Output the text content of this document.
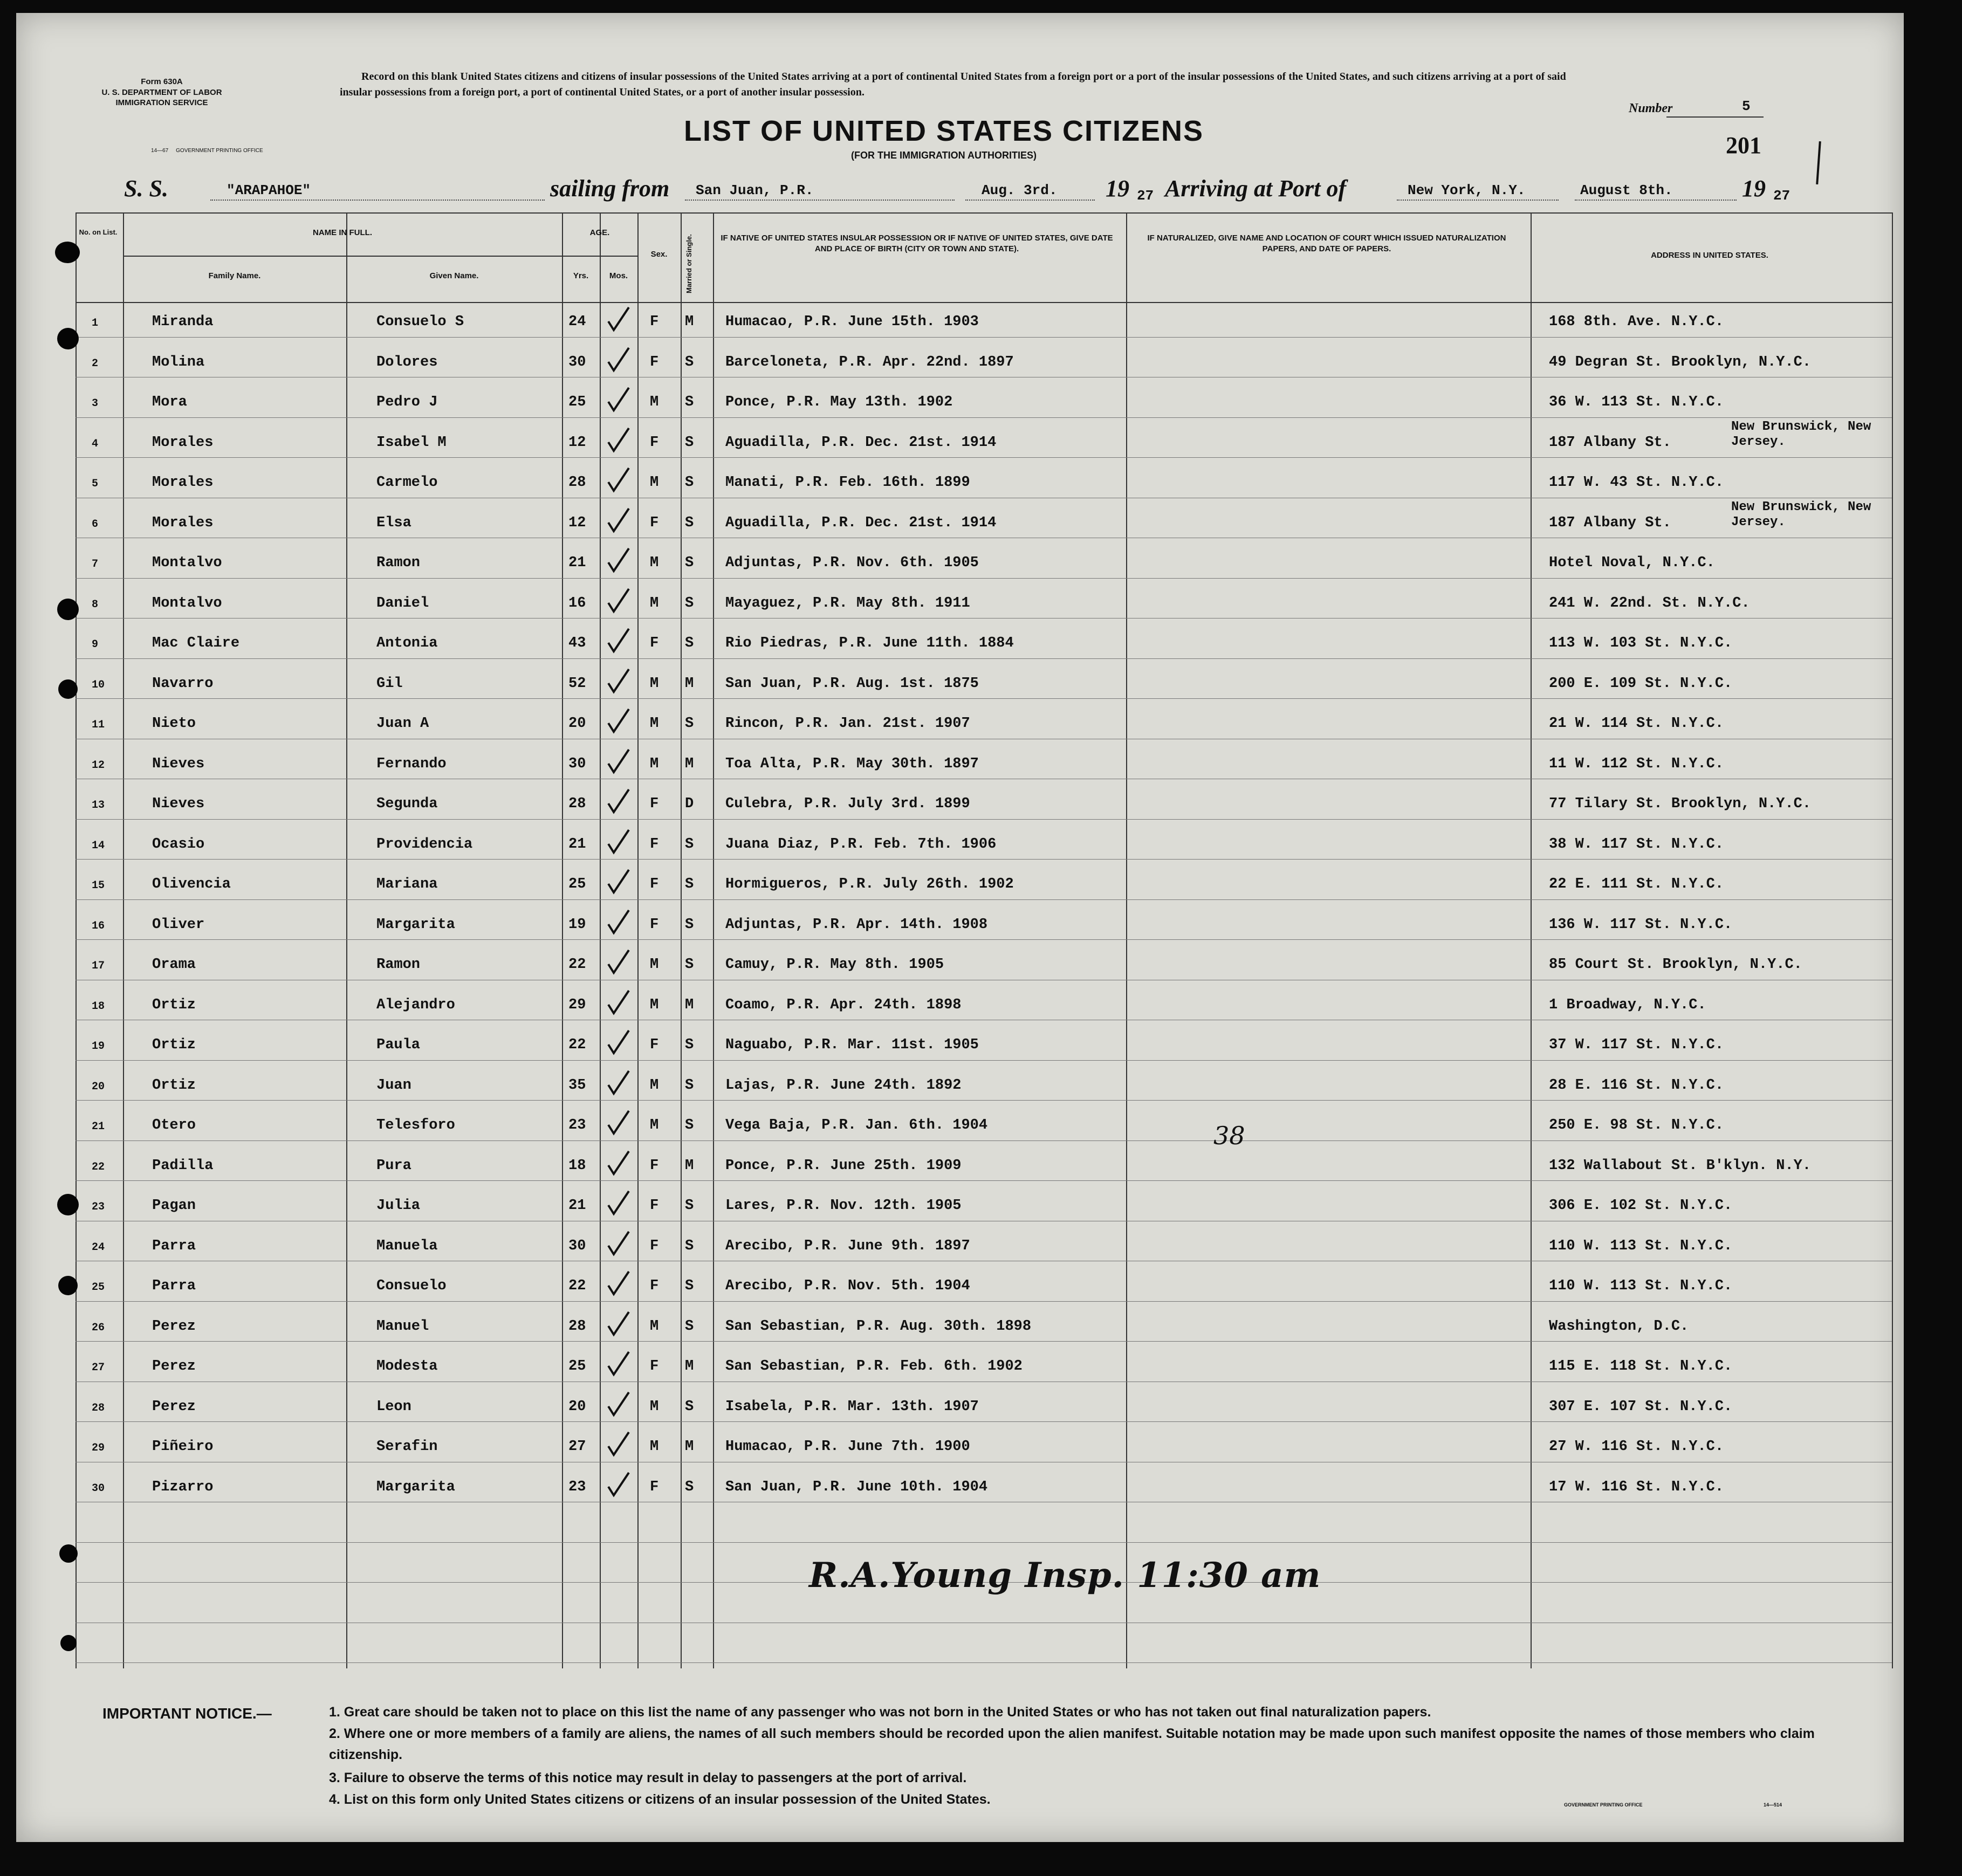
Form 630A
U. S. DEPARTMENT OF LABOR
IMMIGRATION SERVICE
14—67 GOVERNMENT PRINTING OFFICE
Record on this blank United States citizens and citizens of insular possessions of the United States arriving at a port of continental United States from a foreign port or a port of the insular possessions of the United States, and such citizens arriving at a port of said insular possessions from a foreign port, a port of continental United States, or a port of another insular possession.
LIST OF UNITED STATES CITIZENS
(FOR THE IMMIGRATION AUTHORITIES)
Number	5
201
S. S.	"ARAPAHOE"	sailing from San Juan, P.R.	Aug. 3rd. 19 27 Arriving at Port of	New York, N.Y.	August 8th.	19 27
No. on List.	NAME IN FULL.
Family Name.	Given Name.
AGE.
Yrs.	Mos.
Sex.	Married or Single.	IF NATIVE OF UNITED STATES INSULAR POSSESSION OR IF NATIVE OF UNITED STATES, GIVE DATE AND PLACE OF BIRTH (CITY OR TOWN AND STATE).
IF NATURALIZED, GIVE NAME AND LOCATION OF COURT WHICH ISSUED NATURALIZATION PAPERS, AND DATE OF PAPERS.
ADDRESS IN UNITED STATES.
1	Miranda	Consuelo S	24	F M Humacao, P.R. June 15th. 1903	168 8th. Ave. N.Y.C.
2	Molina	Dolores	30	F S Barceloneta, P.R. Apr. 22nd. 1897	49 Degran St. Brooklyn, N.Y.C.
3	Mora	Pedro J	25	M S Ponce, P.R. May 13th. 1902	36 W. 113 St. N.Y.C.
4	Morales	Isabel M	12	F S Aguadilla, P.R. Dec. 21st. 1914	187 Albany St.
New Brunswick, New Jersey.
5	Morales	Carmelo	28	M S Manati, P.R. Feb. 16th. 1899	117 W. 43 St. N.Y.C.
6	Morales	Elsa	12	F S Aguadilla, P.R. Dec. 21st. 1914	187 Albany St.
New Brunswick, New Jersey.
7	Montalvo	Ramon	21	M S Adjuntas, P.R. Nov. 6th. 1905	Hotel Noval, N.Y.C.
8	Montalvo	Daniel	16	M S Mayaguez, P.R. May 8th. 1911	241 W. 22nd. St. N.Y.C.
9	Mac Claire	Antonia	43	F S Rio Piedras, P.R. June 11th. 1884	113 W. 103 St. N.Y.C.
10	Navarro	Gil	52	M M San Juan, P.R. Aug. 1st. 1875	200 E. 109 St. N.Y.C.
11	Nieto	Juan A	20	M S Rincon, P.R. Jan. 21st. 1907	21 W. 114 St. N.Y.C.
12	Nieves	Fernando	30	M M Toa Alta, P.R. May 30th. 1897	11 W. 112 St. N.Y.C.
13	Nieves	Segunda	28	F D Culebra, P.R. July 3rd. 1899	77 Tilary St. Brooklyn, N.Y.C.
14	Ocasio	Providencia	21	F S Juana Diaz, P.R. Feb. 7th. 1906	38 W. 117 St. N.Y.C.
15	Olivencia	Mariana	25	F S Hormigueros, P.R. July 26th. 1902	22 E. 111 St. N.Y.C.
16	Oliver	Margarita	19	F S Adjuntas, P.R. Apr. 14th. 1908	136 W. 117 St. N.Y.C.
17	Orama	Ramon	22	M S Camuy, P.R. May 8th. 1905	85 Court St. Brooklyn, N.Y.C.
18	Ortiz	Alejandro	29	M M Coamo, P.R. Apr. 24th. 1898	1 Broadway, N.Y.C.
19	Ortiz	Paula	22	F S Naguabo, P.R. Mar. 11st. 1905	37 W. 117 St. N.Y.C.
20	Ortiz	Juan	35	M S Lajas, P.R. June 24th. 1892	28 E. 116 St. N.Y.C.
21	Otero	Telesforo	23	M S Vega Baja, P.R. Jan. 6th. 1904	250 E. 98 St. N.Y.C.
22	Padilla	Pura	18	F M Ponce, P.R. June 25th. 1909	132 Wallabout St. B'klyn. N.Y.
23	Pagan	Julia	21	F S Lares, P.R. Nov. 12th. 1905	306 E. 102 St. N.Y.C.
24	Parra	Manuela	30	F S Arecibo, P.R. June 9th. 1897	110 W. 113 St. N.Y.C.
25	Parra	Consuelo	22	F S Arecibo, P.R. Nov. 5th. 1904	110 W. 113 St. N.Y.C.
26	Perez	Manuel	28	M S San Sebastian, P.R. Aug. 30th. 1898	Washington, D.C.
27	Perez	Modesta	25	F M San Sebastian, P.R. Feb. 6th. 1902	115 E. 118 St. N.Y.C.
28	Perez	Leon	20	M S Isabela, P.R. Mar. 13th. 1907	307 E. 107 St. N.Y.C.
29	Piñeiro	Serafin	27	M M Humacao, P.R. June 7th. 1900	27 W. 116 St. N.Y.C.
30	Pizarro	Margarita	23	F S San Juan, P.R. June 10th. 1904	17 W. 116 St. N.Y.C.
38
R.A.Young Insp. 11:30 am
IMPORTANT NOTICE.—	1. Great care should be taken not to place on this list the name of any passenger who was not born in the United States or who has not taken out final naturalization papers.
2. Where one or more members of a family are aliens, the names of all such members should be recorded upon the alien manifest. Suitable notation may be made upon such manifest opposite the names of those members who claim citizenship.
3. Failure to observe the terms of this notice may result in delay to passengers at the port of arrival.
4. List on this form only United States citizens or citizens of an insular possession of the United States.	GOVERNMENT PRINTING OFFICE	14—514
